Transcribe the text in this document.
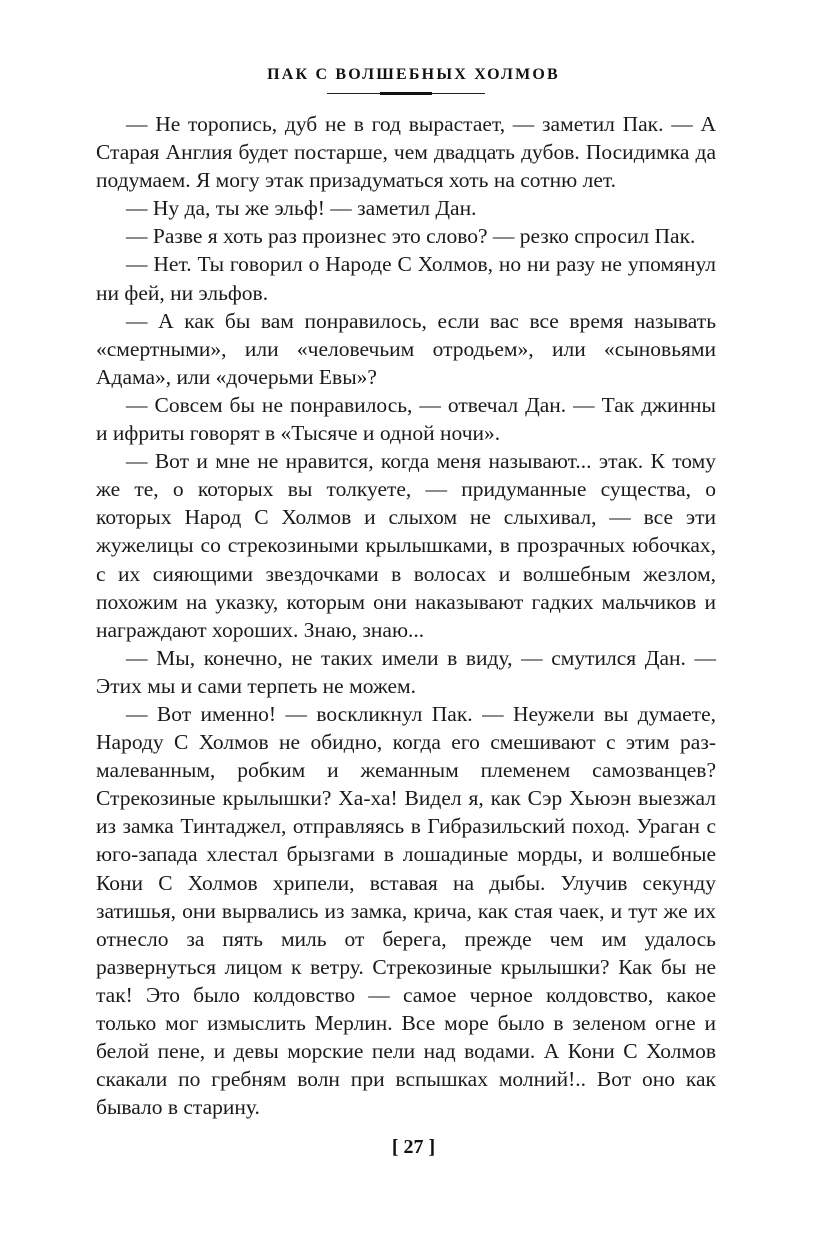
ПАК С ВОЛШЕБНЫХ ХОЛМОВ

— Не торопись, дуб не в год вырастает, — заметил Пак. — А Старая Англия будет постарше, чем двадцать дубов. Посидимка да подумаем. Я могу этак призадуматься хоть на сотню лет.

— Ну да, ты же эльф! — заметил Дан.

— Разве я хоть раз произнес это слово? — резко спросил Пак.

— Нет. Ты говорил о Народе С Холмов, но ни разу не упомянул ни фей, ни эльфов.

— А как бы вам понравилось, если вас все время называть «смертными», или «человечьим отродьем», или «сыновьями Адама», или «дочерьми Евы»?

— Совсем бы не понравилось, — отвечал Дан. — Так джинны и ифриты говорят в «Тысяче и одной ночи».

— Вот и мне не нравится, когда меня называют... этак. К тому же те, о которых вы толкуете, — придуманные существа, о которых Народ С Холмов и слыхом не слыхивал, — все эти жужелицы со стрекозиными крылышками, в прозрачных юбочках, с их сияющими звездочками в волосах и волшебным жезлом, похожим на указку, которым они наказывают гадких мальчиков и награждают хороших. Знаю, знаю...

— Мы, конечно, не таких имели в виду, — смутился Дан. — Этих мы и сами терпеть не можем.

— Вот именно! — воскликнул Пак. — Неужели вы думаете, Народу С Холмов не обидно, когда его смешивают с этим размалеванным, робким и жеманным племенем самозванцев? Стрекозиные крылышки? Ха-ха! Видел я, как Сэр Хьюэн выезжал из замка Тинтаджел, отправляясь в Гибразильский поход. Ураган с юго-запада хлестал брызгами в лошадиные морды, и волшебные Кони С Холмов хрипели, вставая на дыбы. Улучив секунду затишья, они вырвались из замка, крича, как стая чаек, и тут же их отнесло за пять миль от берега, прежде чем им удалось развернуться лицом к ветру. Стрекозиные крылышки? Как бы не так! Это было колдовство — самое черное колдовство, какое только мог измыслить Мерлин. Все море было в зеленом огне и белой пене, и девы морские пели над водами. А Кони С Холмов скакали по гребням волн при вспышках молний!.. Вот оно как бывало в старину.

[ 27 ]
